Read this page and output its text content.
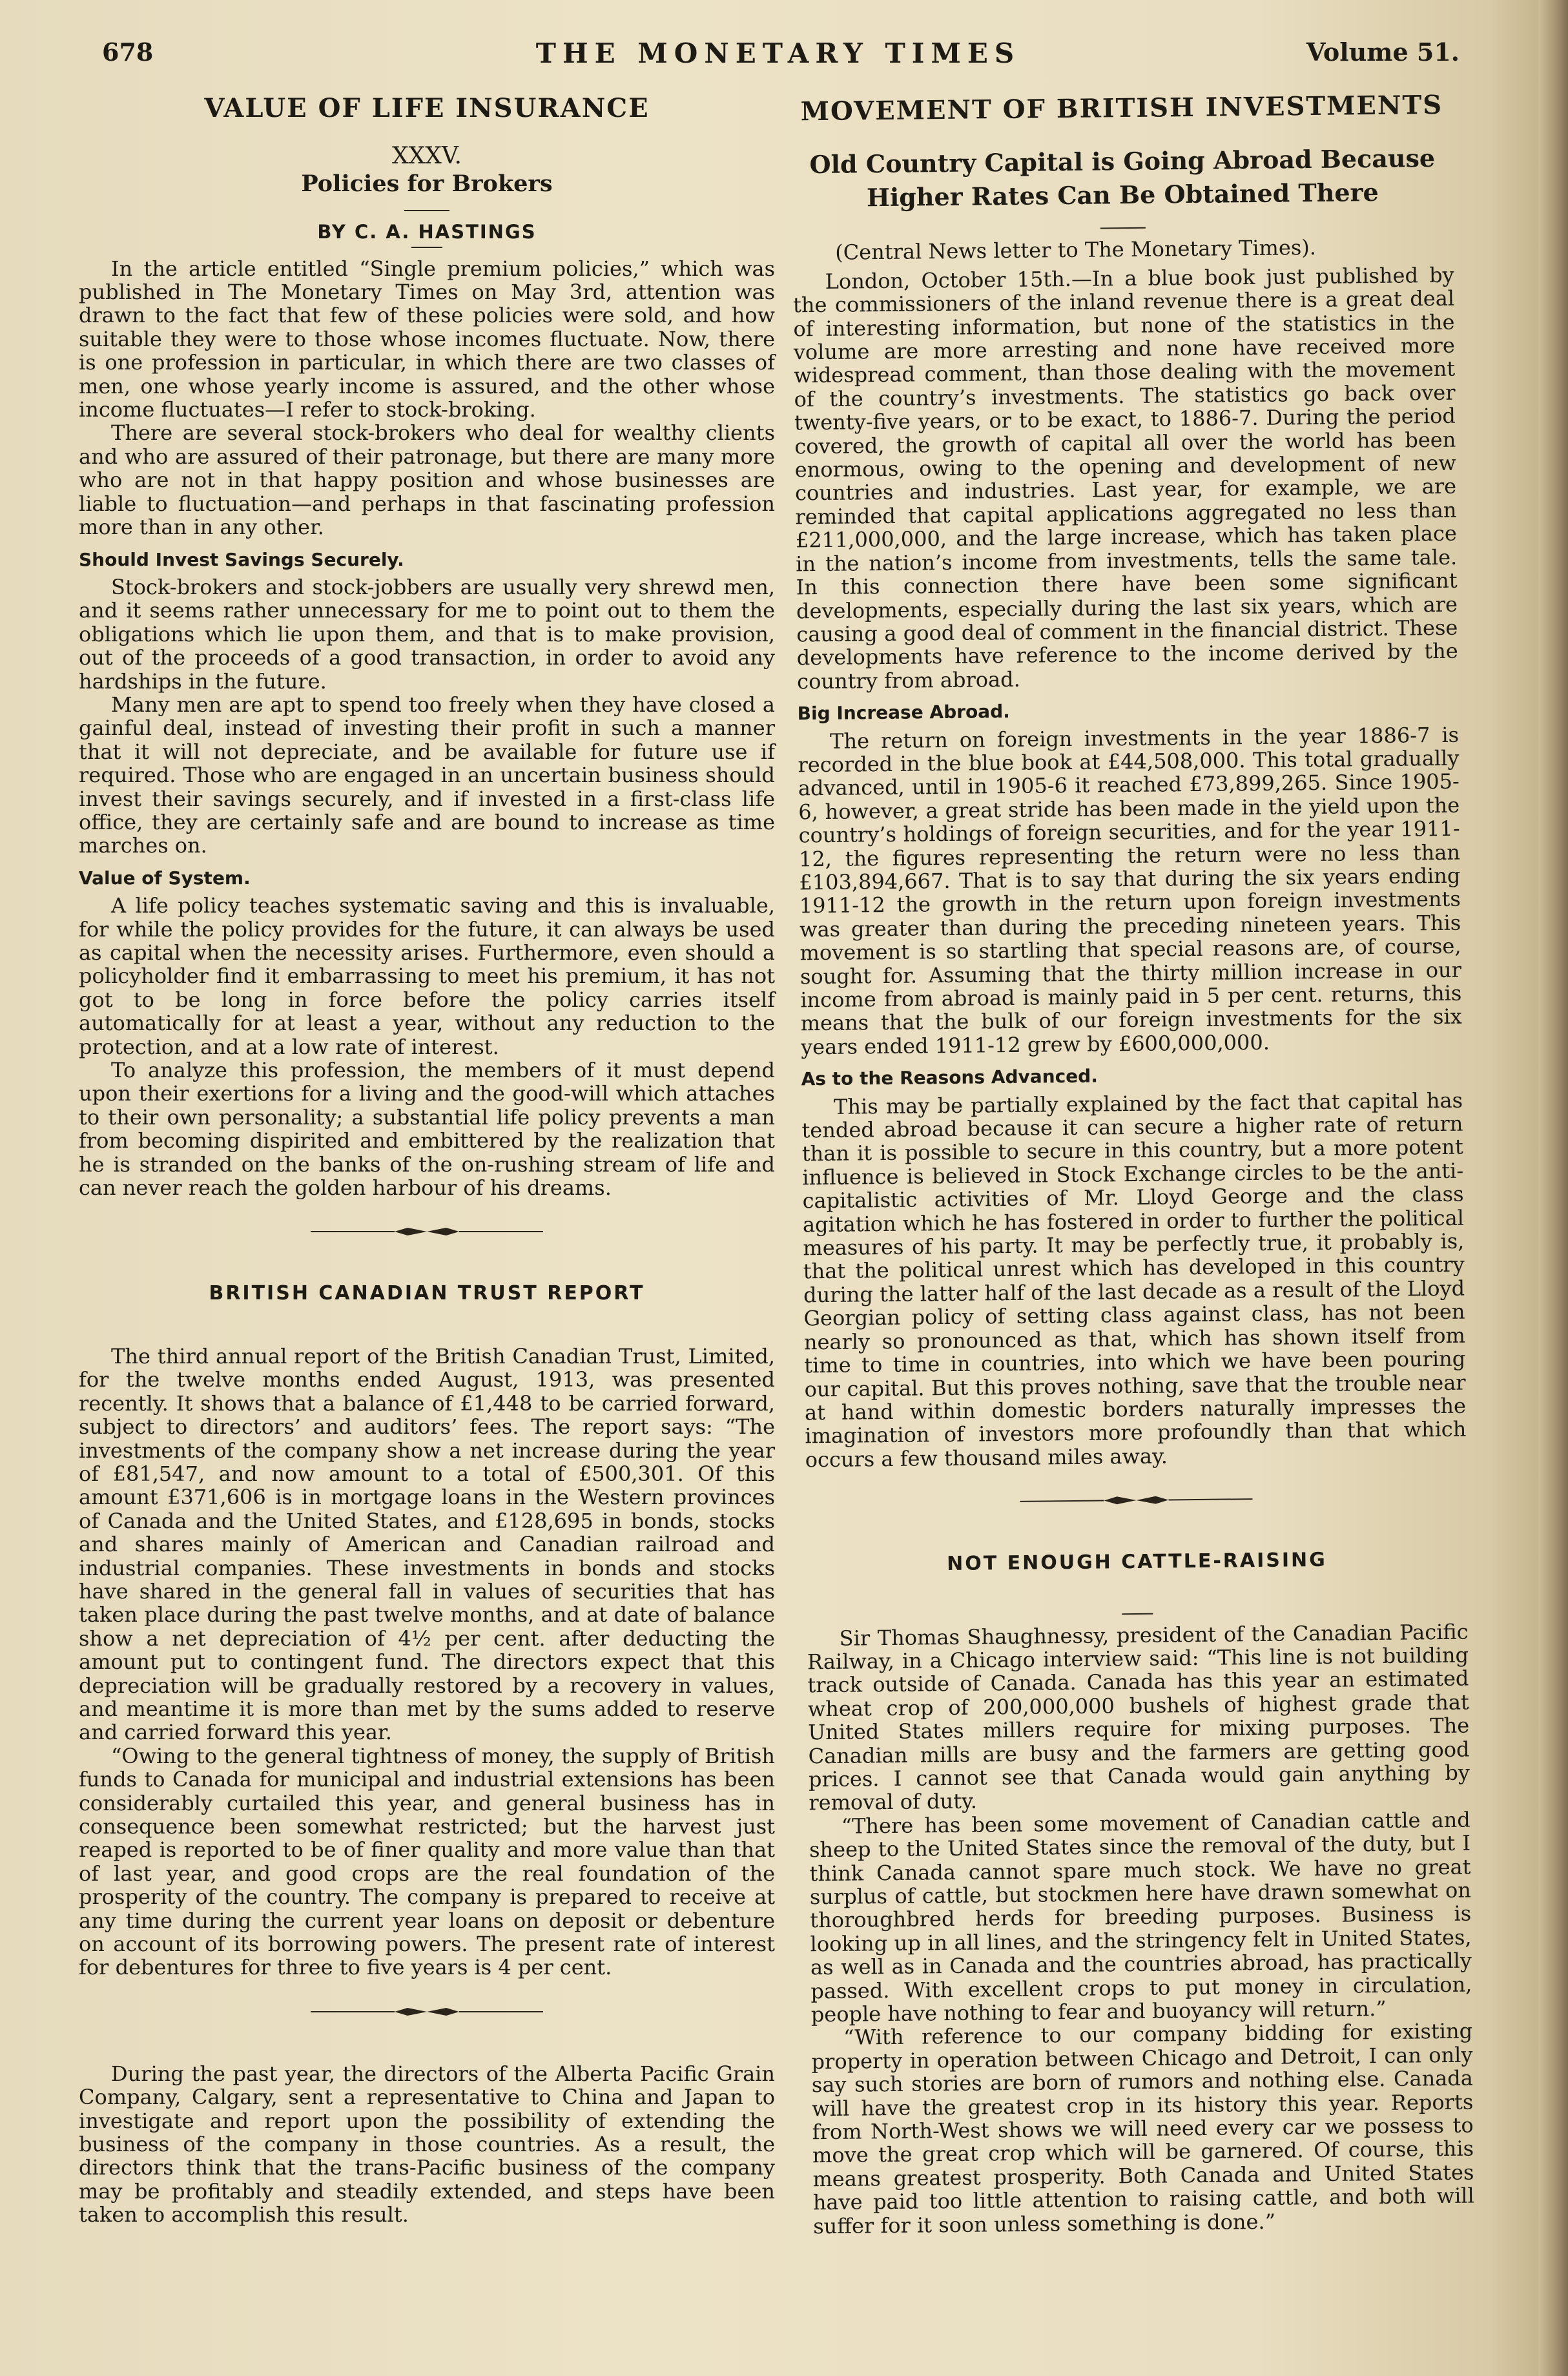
678	THE MONETARY TIMES	Volume 51.
VALUE OF LIFE INSURANCE
XXXV.
Policies for Brokers
BY C. A. HASTINGS

In the article entitled “Single premium policies,” which was published in The Monetary Times on May 3rd, attention was drawn to the fact that few of these policies were sold, and how suitable they were to those whose incomes fluctuate. Now, there is one profession in particular, in which there are two classes of men, one whose yearly income is assured, and the other whose income fluctuates—I refer to stock-broking.

There are several stock-brokers who deal for wealthy clients and who are assured of their patronage, but there are many more who are not in that happy position and whose businesses are liable to fluctuation—and perhaps in that fascinating profession more than in any other.

Should Invest Savings Securely.

Stock-brokers and stock-jobbers are usually very shrewd men, and it seems rather unnecessary for me to point out to them the obligations which lie upon them, and that is to make provision, out of the proceeds of a good transaction, in order to avoid any hardships in the future.

Many men are apt to spend too freely when they have closed a gainful deal, instead of investing their profit in such a manner that it will not depreciate, and be available for future use if required. Those who are engaged in an uncertain business should invest their savings securely, and if invested in a first-class life office, they are certainly safe and are bound to increase as time marches on.

Value of System.

A life policy teaches systematic saving and this is invaluable, for while the policy provides for the future, it can always be used as capital when the necessity arises. Furthermore, even should a policyholder find it embarrassing to meet his premium, it has not got to be long in force before the policy carries itself automatically for at least a year, without any reduction to the protection, and at a low rate of interest.

To analyze this profession, the members of it must depend upon their exertions for a living and the good-will which attaches to their own personality; a substantial life policy prevents a man from becoming dispirited and embittered by the realization that he is stranded on the banks of the on-rushing stream of life and can never reach the golden harbour of his dreams.

BRITISH CANADIAN TRUST REPORT

The third annual report of the British Canadian Trust, Limited, for the twelve months ended August, 1913, was presented recently. It shows that a balance of £1,448 to be carried forward, subject to directors’ and auditors’ fees. The report says: “The investments of the company show a net increase during the year of £81,547, and now amount to a total of £500,301. Of this amount £371,606 is in mortgage loans in the Western provinces of Canada and the United States, and £128,695 in bonds, stocks and shares mainly of American and Canadian railroad and industrial companies. These investments in bonds and stocks have shared in the general fall in values of securities that has taken place during the past twelve months, and at date of balance show a net depreciation of 4½ per cent. after deducting the amount put to contingent fund. The directors expect that this depreciation will be gradually restored by a recovery in values, and meantime it is more than met by the sums added to reserve and carried forward this year.

“Owing to the general tightness of money, the supply of British funds to Canada for municipal and industrial extensions has been considerably curtailed this year, and general business has in consequence been somewhat restricted; but the harvest just reaped is reported to be of finer quality and more value than that of last year, and good crops are the real foundation of the prosperity of the country. The company is prepared to receive at any time during the current year loans on deposit or debenture on account of its borrowing powers. The present rate of interest for debentures for three to five years is 4 per cent.

During the past year, the directors of the Alberta Pacific Grain Company, Calgary, sent a representative to China and Japan to investigate and report upon the possibility of extending the business of the company in those countries. As a result, the directors think that the trans-Pacific business of the company may be profitably and steadily extended, and steps have been taken to accomplish this result.

MOVEMENT OF BRITISH INVESTMENTS
Old Country Capital is Going Abroad Because Higher Rates Can Be Obtained There

(Central News letter to The Monetary Times).

London, October 15th.—In a blue book just published by the commissioners of the inland revenue there is a great deal of interesting information, but none of the statistics in the volume are more arresting and none have received more widespread comment, than those dealing with the movement of the country’s investments. The statistics go back over twenty-five years, or to be exact, to 1886-7. During the period covered, the growth of capital all over the world has been enormous, owing to the opening and development of new countries and industries. Last year, for example, we are reminded that capital applications aggregated no less than £211,000,000, and the large increase, which has taken place in the nation’s income from investments, tells the same tale. In this connection there have been some significant developments, especially during the last six years, which are causing a good deal of comment in the financial district. These developments have reference to the income derived by the country from abroad.

Big Increase Abroad.

The return on foreign investments in the year 1886-7 is recorded in the blue book at £44,508,000. This total gradually advanced, until in 1905-6 it reached £73,899,265. Since 1905-6, however, a great stride has been made in the yield upon the country’s holdings of foreign securities, and for the year 1911-12, the figures representing the return were no less than £103,894,667. That is to say that during the six years ending 1911-12 the growth in the return upon foreign investments was greater than during the preceding nineteen years. This movement is so startling that special reasons are, of course, sought for. Assuming that the thirty million increase in our income from abroad is mainly paid in 5 per cent. returns, this means that the bulk of our foreign investments for the six years ended 1911-12 grew by £600,000,000.

As to the Reasons Advanced.

This may be partially explained by the fact that capital has tended abroad because it can secure a higher rate of return than it is possible to secure in this country, but a more potent influence is believed in Stock Exchange circles to be the anti-capitalistic activities of Mr. Lloyd George and the class agitation which he has fostered in order to further the political measures of his party. It may be perfectly true, it probably is, that the political unrest which has developed in this country during the latter half of the last decade as a result of the Lloyd Georgian policy of setting class against class, has not been nearly so pronounced as that, which has shown itself from time to time in countries, into which we have been pouring our capital. But this proves nothing, save that the trouble near at hand within domestic borders naturally impresses the imagination of investors more profoundly than that which occurs a few thousand miles away.

NOT ENOUGH CATTLE-RAISING

Sir Thomas Shaughnessy, president of the Canadian Pacific Railway, in a Chicago interview said: “This line is not building track outside of Canada. Canada has this year an estimated wheat crop of 200,000,000 bushels of highest grade that United States millers require for mixing purposes. The Canadian mills are busy and the farmers are getting good prices. I cannot see that Canada would gain anything by removal of duty.

“There has been some movement of Canadian cattle and sheep to the United States since the removal of the duty, but I think Canada cannot spare much stock. We have no great surplus of cattle, but stockmen here have drawn somewhat on thoroughbred herds for breeding purposes. Business is looking up in all lines, and the stringency felt in United States, as well as in Canada and the countries abroad, has practically passed. With excellent crops to put money in circulation, people have nothing to fear and buoyancy will return.”

“With reference to our company bidding for existing property in operation between Chicago and Detroit, I can only say such stories are born of rumors and nothing else. Canada will have the greatest crop in its history this year. Reports from North-West shows we will need every car we possess to move the great crop which will be garnered. Of course, this means greatest prosperity. Both Canada and United States have paid too little attention to raising cattle, and both will suffer for it soon unless something is done.”
